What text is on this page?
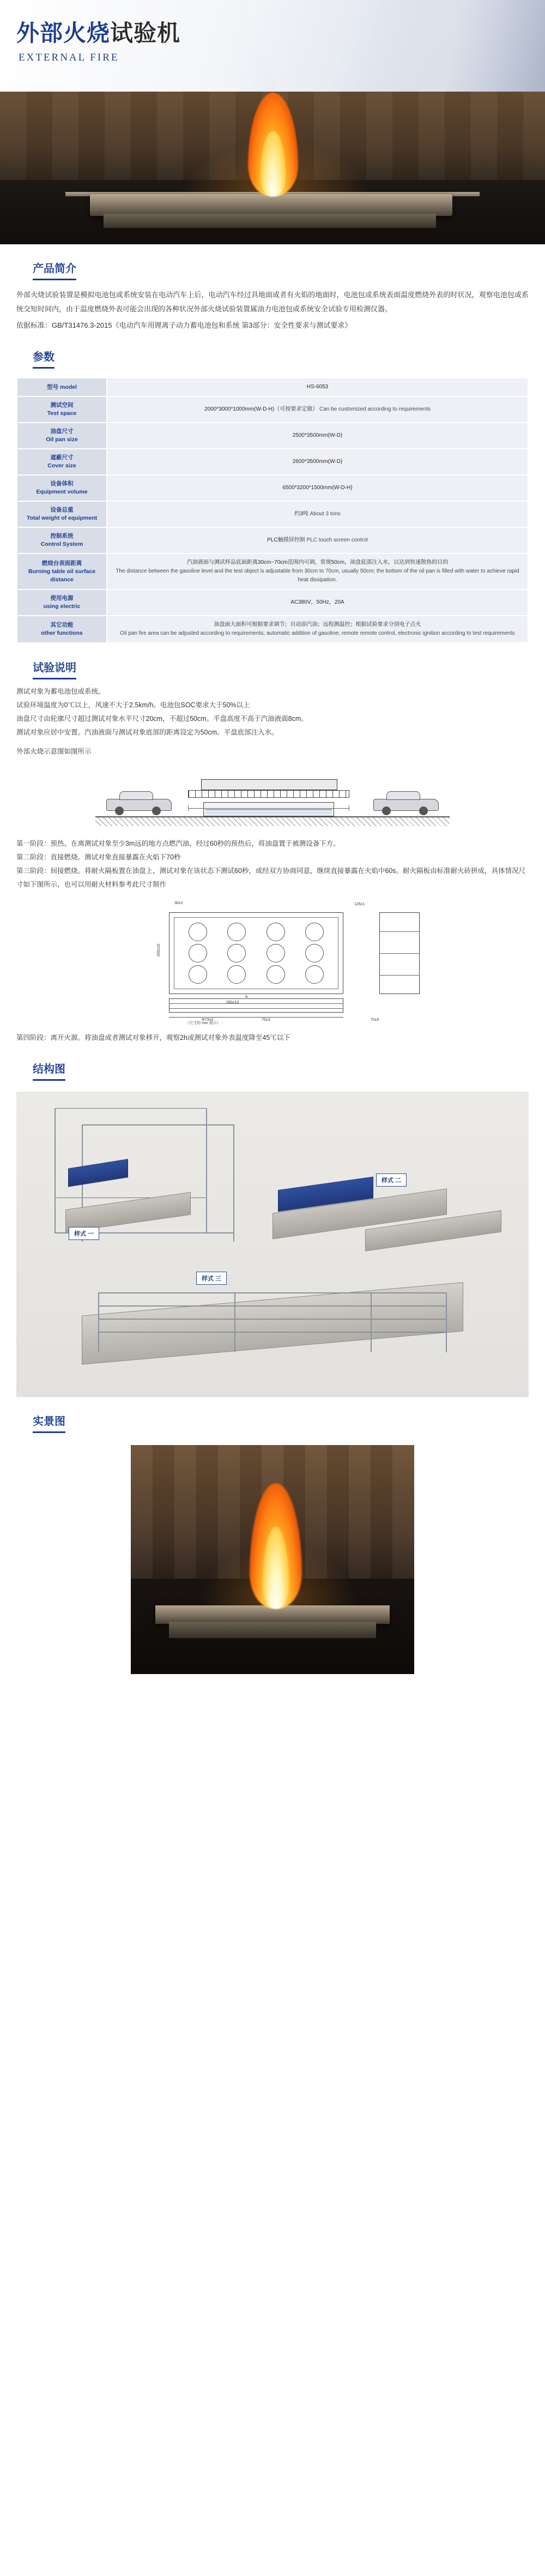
外部火烧试验机
EXTERNAL FIRE
产品简介

外部火烧试验装置是模拟电池包或系统安装在电动汽车上后，电动汽车经过具地面或者有火焰的地面时，电池包或系统表面温度燃烧外表的时状况，观察电池包或系统交短时间内，由于温度燃烧外表可能会出现的各种状况外部火烧试验装置属油力电池包或系统安全试验专用检测仪器。

依据标准：GB/T31476.3-2015《电动汽车用锂离子动力蓄电池包和系统 第3部分：安全性要求与测试要求》

参数
型号 model	HS-6053
测试空间
Test space	2000*3000*1000mm(W-D-H)（可按要求定做） Can be customized according to requirements
油盘尺寸
Oil pan size	2500*3500mm(W-D)
遮蔽尺寸
Cover size	2600*3500mm(W-D)
设备体积
Equipment volume	6500*3200*1500mm(W-D-H)
设备总重
Total weight of equipment	约3吨 About 3 tons
控制系统
Control System	PLC触摸屏控制 PLC touch screen control
燃烧台表面距离
Burning table oil surface distance	汽油液面与测试样品底面距离30cm~70cm范围内可调，常规50cm，油盘底部注入水，以达到快速散热的目的
The distance between the gasoline level and the test object is adjustable from 30cm to 70cm, usually 50cm; the bottom of the oil pan is filled with water to achieve rapid heat dissipation.
使用电源
using electric	AC380V，50Hz，20A
其它功能
other functions	油盘面大面积可根据要求调节；自动添汽油；远程测温控；根据试验要求分别电子点火
Oil pan fire area can be adjusted according to requirements; automatic addition of gasoline; remote remote control, electronic ignition according to test requirements
试验说明
测试对象为蓄电池包或系统。
试验环境温度为0℃以上，风速不大于2.5km/h。电池包SOC要求大于50%以上
油盘尺寸由轮廓尺寸超过测试对象水平尺寸20cm，不超过50cm。平盘高度不高于汽油液面8cm。
测试对象应居中安置。汽油液面与测试对象底部的距离设定为50cm。平盘底部注入水。
外部火烧示意图如图所示
第一阶段：预热。在离测试对象至少3m远的地方点燃汽油，经过60秒的预热后，将油盘置于被测设备下方。
第二阶段：直接燃烧。测试对象直接暴露在火焰下70秒
第三阶段：间接燃烧。将耐火隔板置在油盘上，测试对象在该状态下测试60秒，或经双方协商同意，继续直接暴露在火焰中60s。耐火隔板由标准耐火砖拼成，具体情况尺寸如下图所示，也可以用耐火材料参考此尺寸制作
30±2	125±1
260±10
Φ73±3	75±3	70±5
A
（尺寸的 mm 表示）
260±10
第四阶段：离开火源。将油盘或者测试对象移开，观察2h或测试对象外表温度降至45℃以下
结构图
样式 一
样式 二
样式 三
实景图
